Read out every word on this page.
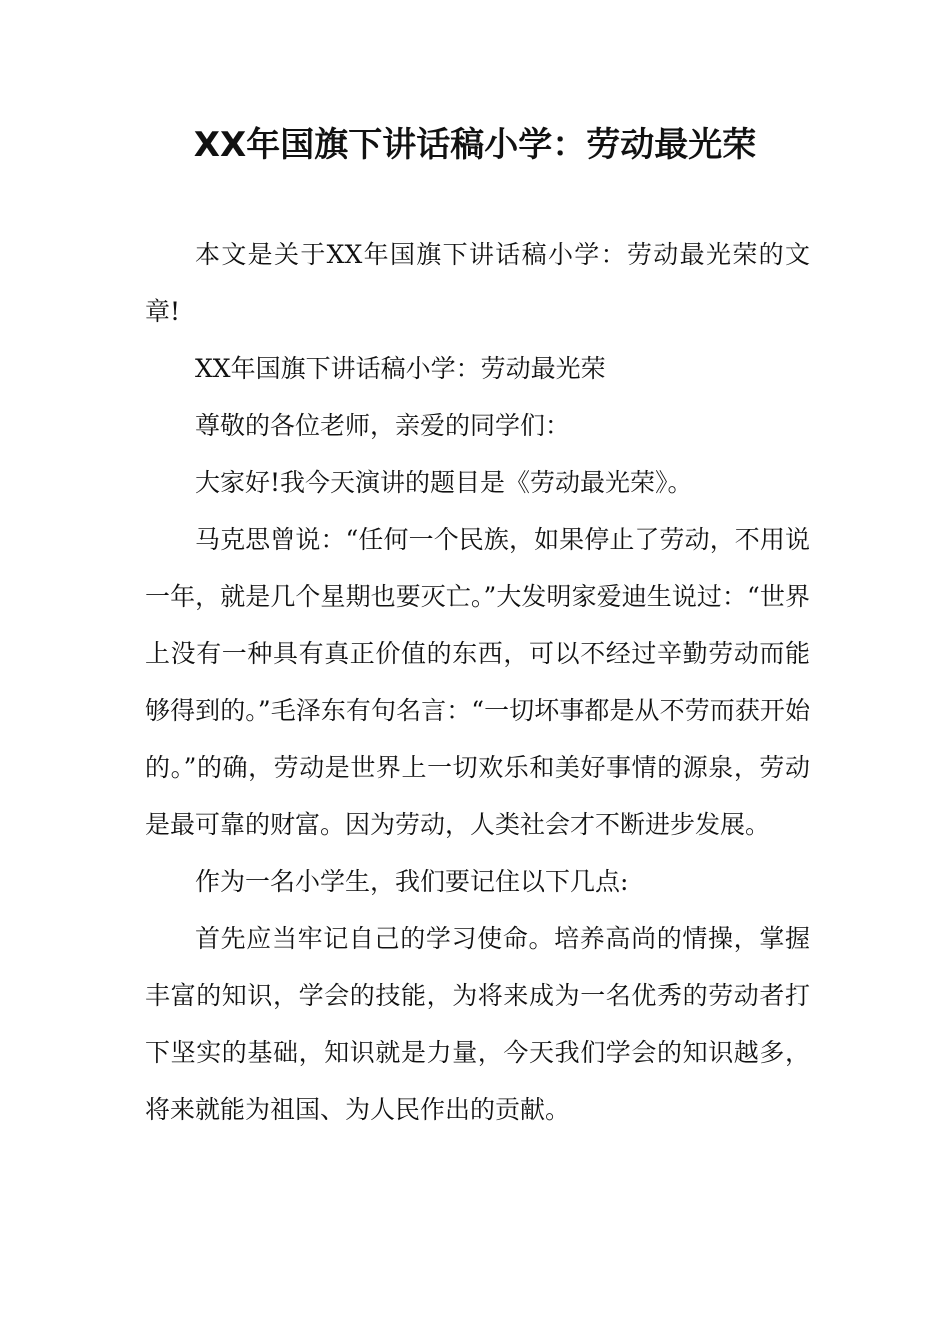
XX年国旗下讲话稿小学：劳动最光荣

本文是关于XX年国旗下讲话稿小学：劳动最光荣的文章!

XX年国旗下讲话稿小学：劳动最光荣

尊敬的各位老师，亲爱的同学们：

大家好!我今天演讲的题目是《劳动最光荣》。

马克思曾说：“任何一个民族，如果停止了劳动，不用说一年，就是几个星期也要灭亡。”大发明家爱迪生说过：“世界上没有一种具有真正价值的东西，可以不经过辛勤劳动而能够得到的。”毛泽东有句名言：“一切坏事都是从不劳而获开始的。”的确，劳动是世界上一切欢乐和美好事情的源泉，劳动是最可靠的财富。因为劳动，人类社会才不断进步发展。

作为一名小学生，我们要记住以下几点:

首先应当牢记自己的学习使命。培养高尚的情操，掌握丰富的知识，学会的技能，为将来成为一名优秀的劳动者打下坚实的基础，知识就是力量，今天我们学会的知识越多，将来就能为祖国、为人民作出的贡献。
